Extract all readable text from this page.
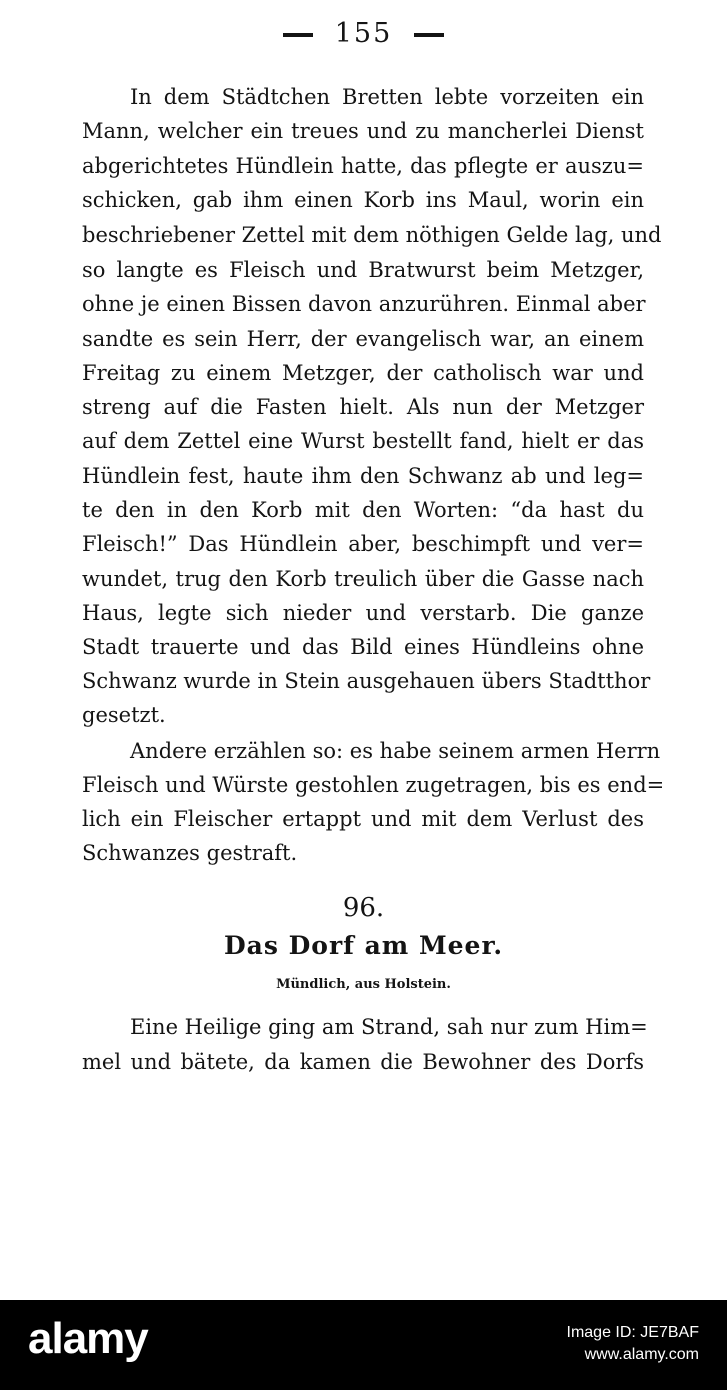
155
In dem Städtchen Bretten lebte vorzeiten ein
Mann, welcher ein treues und zu mancherlei Dienst
abgerichtetes Hündlein hatte, das pflegte er auszu=
schicken, gab ihm einen Korb ins Maul, worin ein
beschriebener Zettel mit dem nöthigen Gelde lag, und
so langte es Fleisch und Bratwurst beim Metzger,
ohne je einen Bissen davon anzurühren. Einmal aber
sandte es sein Herr, der evangelisch war, an einem
Freitag zu einem Metzger, der catholisch war und
streng auf die Fasten hielt. Als nun der Metzger
auf dem Zettel eine Wurst bestellt fand, hielt er das
Hündlein fest, haute ihm den Schwanz ab und leg=
te den in den Korb mit den Worten: “da hast du
Fleisch!” Das Hündlein aber, beschimpft und ver=
wundet, trug den Korb treulich über die Gasse nach
Haus, legte sich nieder und verstarb. Die ganze
Stadt trauerte und das Bild eines Hündleins ohne
Schwanz wurde in Stein ausgehauen übers Stadtthor
gesetzt.
Andere erzählen so: es habe seinem armen Herrn
Fleisch und Würste gestohlen zugetragen, bis es end=
lich ein Fleischer ertappt und mit dem Verlust des
Schwanzes gestraft.
96.
Das Dorf am Meer.
Mündlich, aus Holstein.
Eine Heilige ging am Strand, sah nur zum Him=
mel und bätete, da kamen die Bewohner des Dorfs
alamy	Image ID: JE7BAF
www.alamy.com
